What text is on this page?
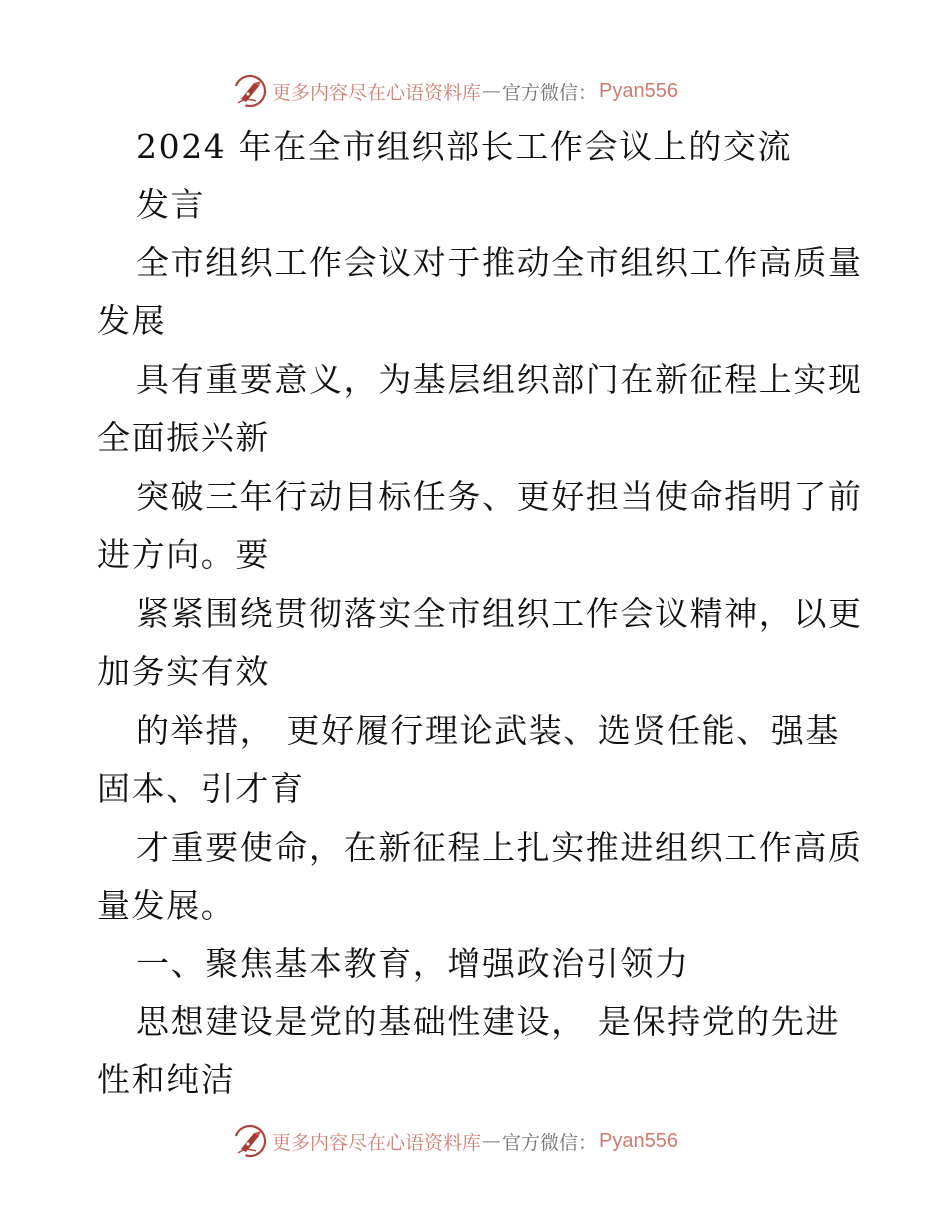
更多内容尽在心语资料库 — 官方微信： Pyan556
2024 年在全市组织部长工作会议上的交流
发言
全市组织工作会议对于推动全市组织工作高质量
发展
具有重要意义，为基层组织部门在新征程上实现
全面振兴新
突破三年行动目标任务、更好担当使命指明了前
进方向。要
紧紧围绕贯彻落实全市组织工作会议精神，以更
加务实有效
的举措， 更好履行理论武装、选贤任能、强基
固本、引才育
才重要使命，在新征程上扎实推进组织工作高质
量发展。
一、聚焦基本教育，增强政治引领力
思想建设是党的基础性建设， 是保持党的先进
性和纯洁
更多内容尽在心语资料库 — 官方微信： Pyan556
